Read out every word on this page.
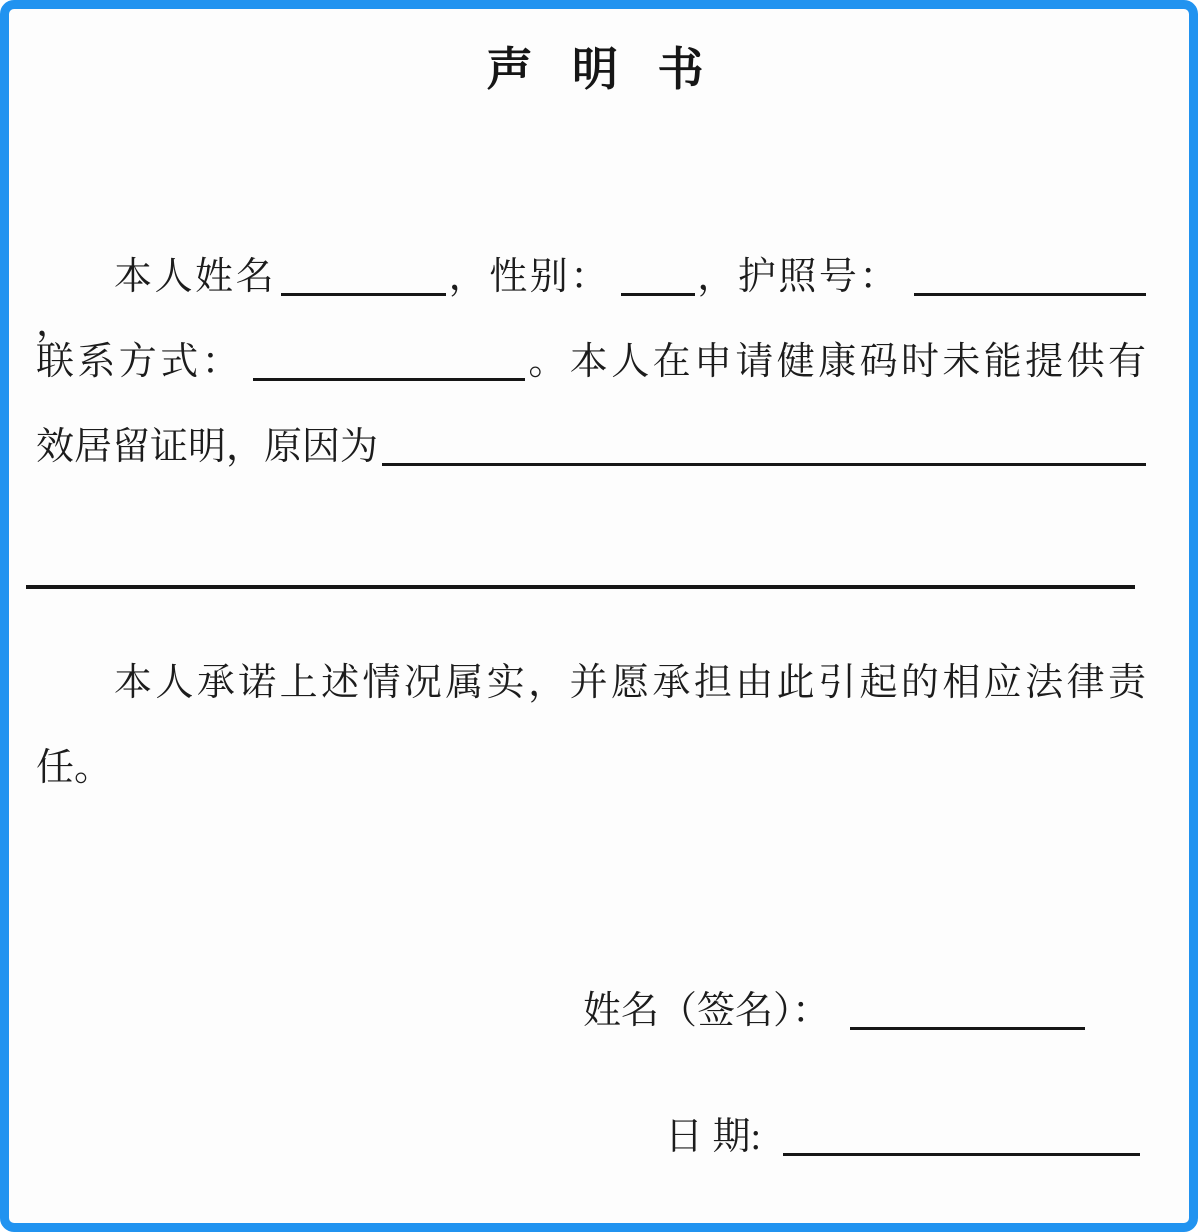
声 明 书
本人姓名	，性别： ，护照号：，
联系方式：	。本人在申请健康码时未能提供有
效居留证明，原因为
本人承诺上述情况属实，并愿承担由此引起的相应法律责
任。
姓名（签名）：
日 期:
